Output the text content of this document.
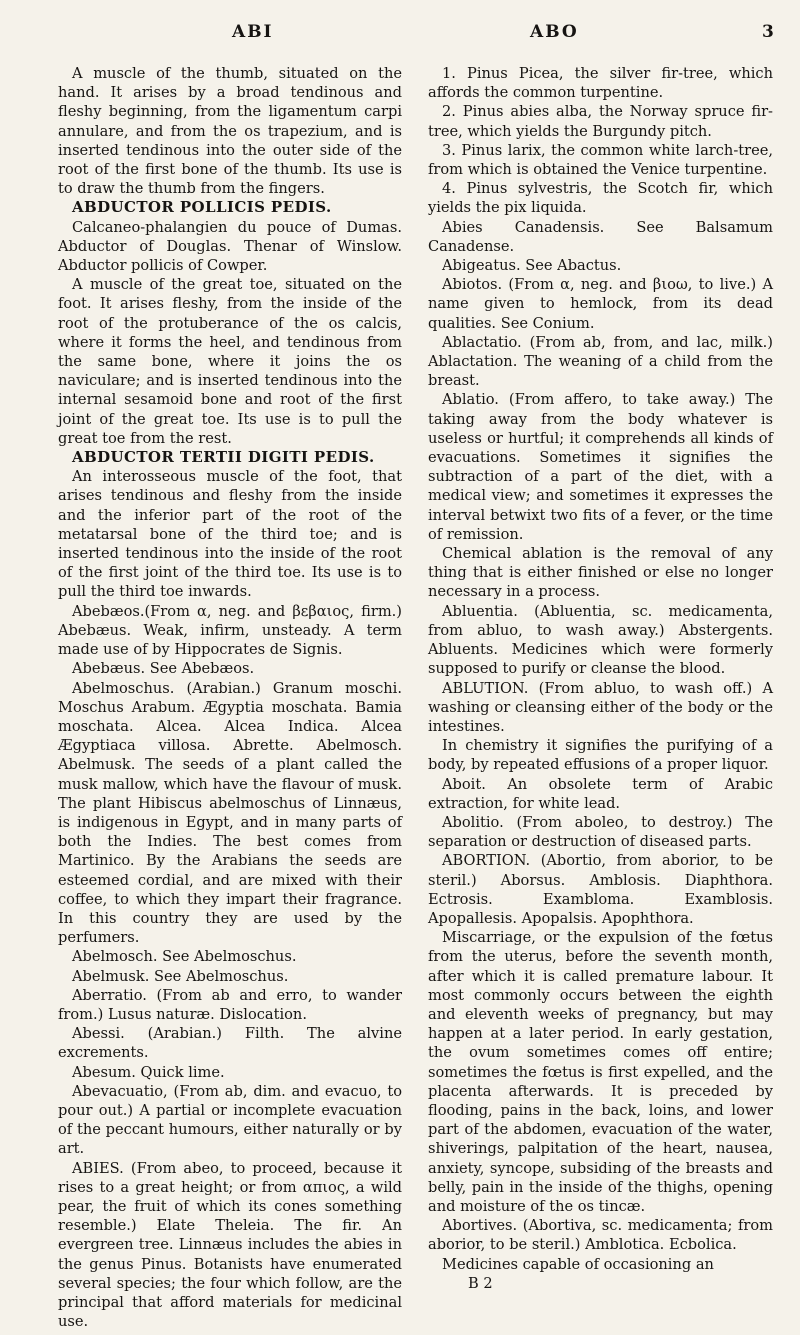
ABI	ABO	3

A muscle of the thumb, situated on the hand. It arises by a broad tendinous and fleshy beginning, from the ligamentum carpi annulare, and from the os trapezium, and is inserted tendinous into the outer side of the root of the first bone of the thumb. Its use is to draw the thumb from the fingers.

ABDUCTOR POLLICIS PEDIS.

Calcaneo-phalangien du pouce of Dumas. Abductor of Douglas. Thenar of Winslow. Abductor pollicis of Cowper.

A muscle of the great toe, situated on the foot. It arises fleshy, from the inside of the root of the protuberance of the os calcis, where it forms the heel, and tendinous from the same bone, where it joins the os naviculare; and is inserted tendinous into the internal sesamoid bone and root of the first joint of the great toe. Its use is to pull the great toe from the rest.

ABDUCTOR TERTII DIGITI PEDIS.

An interosseous muscle of the foot, that arises tendinous and fleshy from the inside and the inferior part of the root of the metatarsal bone of the third toe; and is inserted tendinous into the inside of the root of the first joint of the third toe. Its use is to pull the third toe inwards.

Abebæos.(From α, neg. and βεβαιος, firm.) Abebæus. Weak, infirm, unsteady. A term made use of by Hippocrates de Signis.

Abebæus. See Abebæos.

Abelmoschus. (Arabian.) Granum moschi. Moschus Arabum. Ægyptia moschata. Bamia moschata. Alcea. Alcea Indica. Alcea Ægyptiaca villosa. Abrette. Abelmosch. Abelmusk. The seeds of a plant called the musk mallow, which have the flavour of musk. The plant Hibiscus abelmoschus of Linnæus, is indigenous in Egypt, and in many parts of both the Indies. The best comes from Martinico. By the Arabians the seeds are esteemed cordial, and are mixed with their coffee, to which they impart their fragrance. In this country they are used by the perfumers.

Abelmosch. See Abelmoschus.

Abelmusk. See Abelmoschus.

Aberratio. (From ab and erro, to wander from.) Lusus naturæ. Dislocation.

Abessi. (Arabian.) Filth. The alvine excrements.

Abesum. Quick lime.

Abevacuatio, (From ab, dim. and evacuo, to pour out.) A partial or incomplete evacuation of the peccant humours, either naturally or by art.

ABIES. (From abeo, to proceed, because it rises to a great height; or from απιος, a wild pear, the fruit of which its cones something resemble.) Elate Theleia. The fir. An evergreen tree. Linnæus includes the abies in the genus Pinus. Botanists have enumerated several species; the four which follow, are the principal that afford materials for medicinal use.

1. Pinus Picea, the silver fir-tree, which affords the common turpentine.

2. Pinus abies alba, the Norway spruce fir-tree, which yields the Burgundy pitch.

3. Pinus larix, the common white larch-tree, from which is obtained the Venice turpentine.

4. Pinus sylvestris, the Scotch fir, which yields the pix liquida.

Abies Canadensis. See Balsamum Canadense.

Abigeatus. See Abactus.

Abiotos. (From α, neg. and βιοω, to live.) A name given to hemlock, from its dead qualities. See Conium.

Ablactatio. (From ab, from, and lac, milk.) Ablactation. The weaning of a child from the breast.

Ablatio. (From affero, to take away.) The taking away from the body whatever is useless or hurtful; it comprehends all kinds of evacuations. Sometimes it signifies the subtraction of a part of the diet, with a medical view; and sometimes it expresses the interval betwixt two fits of a fever, or the time of remission.

Chemical ablation is the removal of any thing that is either finished or else no longer necessary in a process.

Abluentia. (Abluentia, sc. medicamenta, from abluo, to wash away.) Abstergents. Abluents. Medicines which were formerly supposed to purify or cleanse the blood.

ABLUTION. (From abluo, to wash off.) A washing or cleansing either of the body or the intestines.

In chemistry it signifies the purifying of a body, by repeated effusions of a proper liquor.

Aboit. An obsolete term of Arabic extraction, for white lead.

Abolitio. (From aboleo, to destroy.) The separation or destruction of diseased parts.

ABORTION. (Abortio, from aborior, to be steril.) Aborsus. Amblosis. Diaphthora. Ectrosis. Exambloma. Examblosis. Apopallesis. Apopalsis. Apophthora.

Miscarriage, or the expulsion of the fœtus from the uterus, before the seventh month, after which it is called premature labour. It most commonly occurs between the eighth and eleventh weeks of pregnancy, but may happen at a later period. In early gestation, the ovum sometimes comes off entire; sometimes the fœtus is first expelled, and the placenta afterwards. It is preceded by flooding, pains in the back, loins, and lower part of the abdomen, evacuation of the water, shiverings, palpitation of the heart, nausea, anxiety, syncope, subsiding of the breasts and belly, pain in the inside of the thighs, opening and moisture of the os tincæ.

Abortives. (Abortiva, sc. medicamenta; from aborior, to be steril.) Amblotica. Ecbolica.

Medicines capable of occasioning an

B 2
